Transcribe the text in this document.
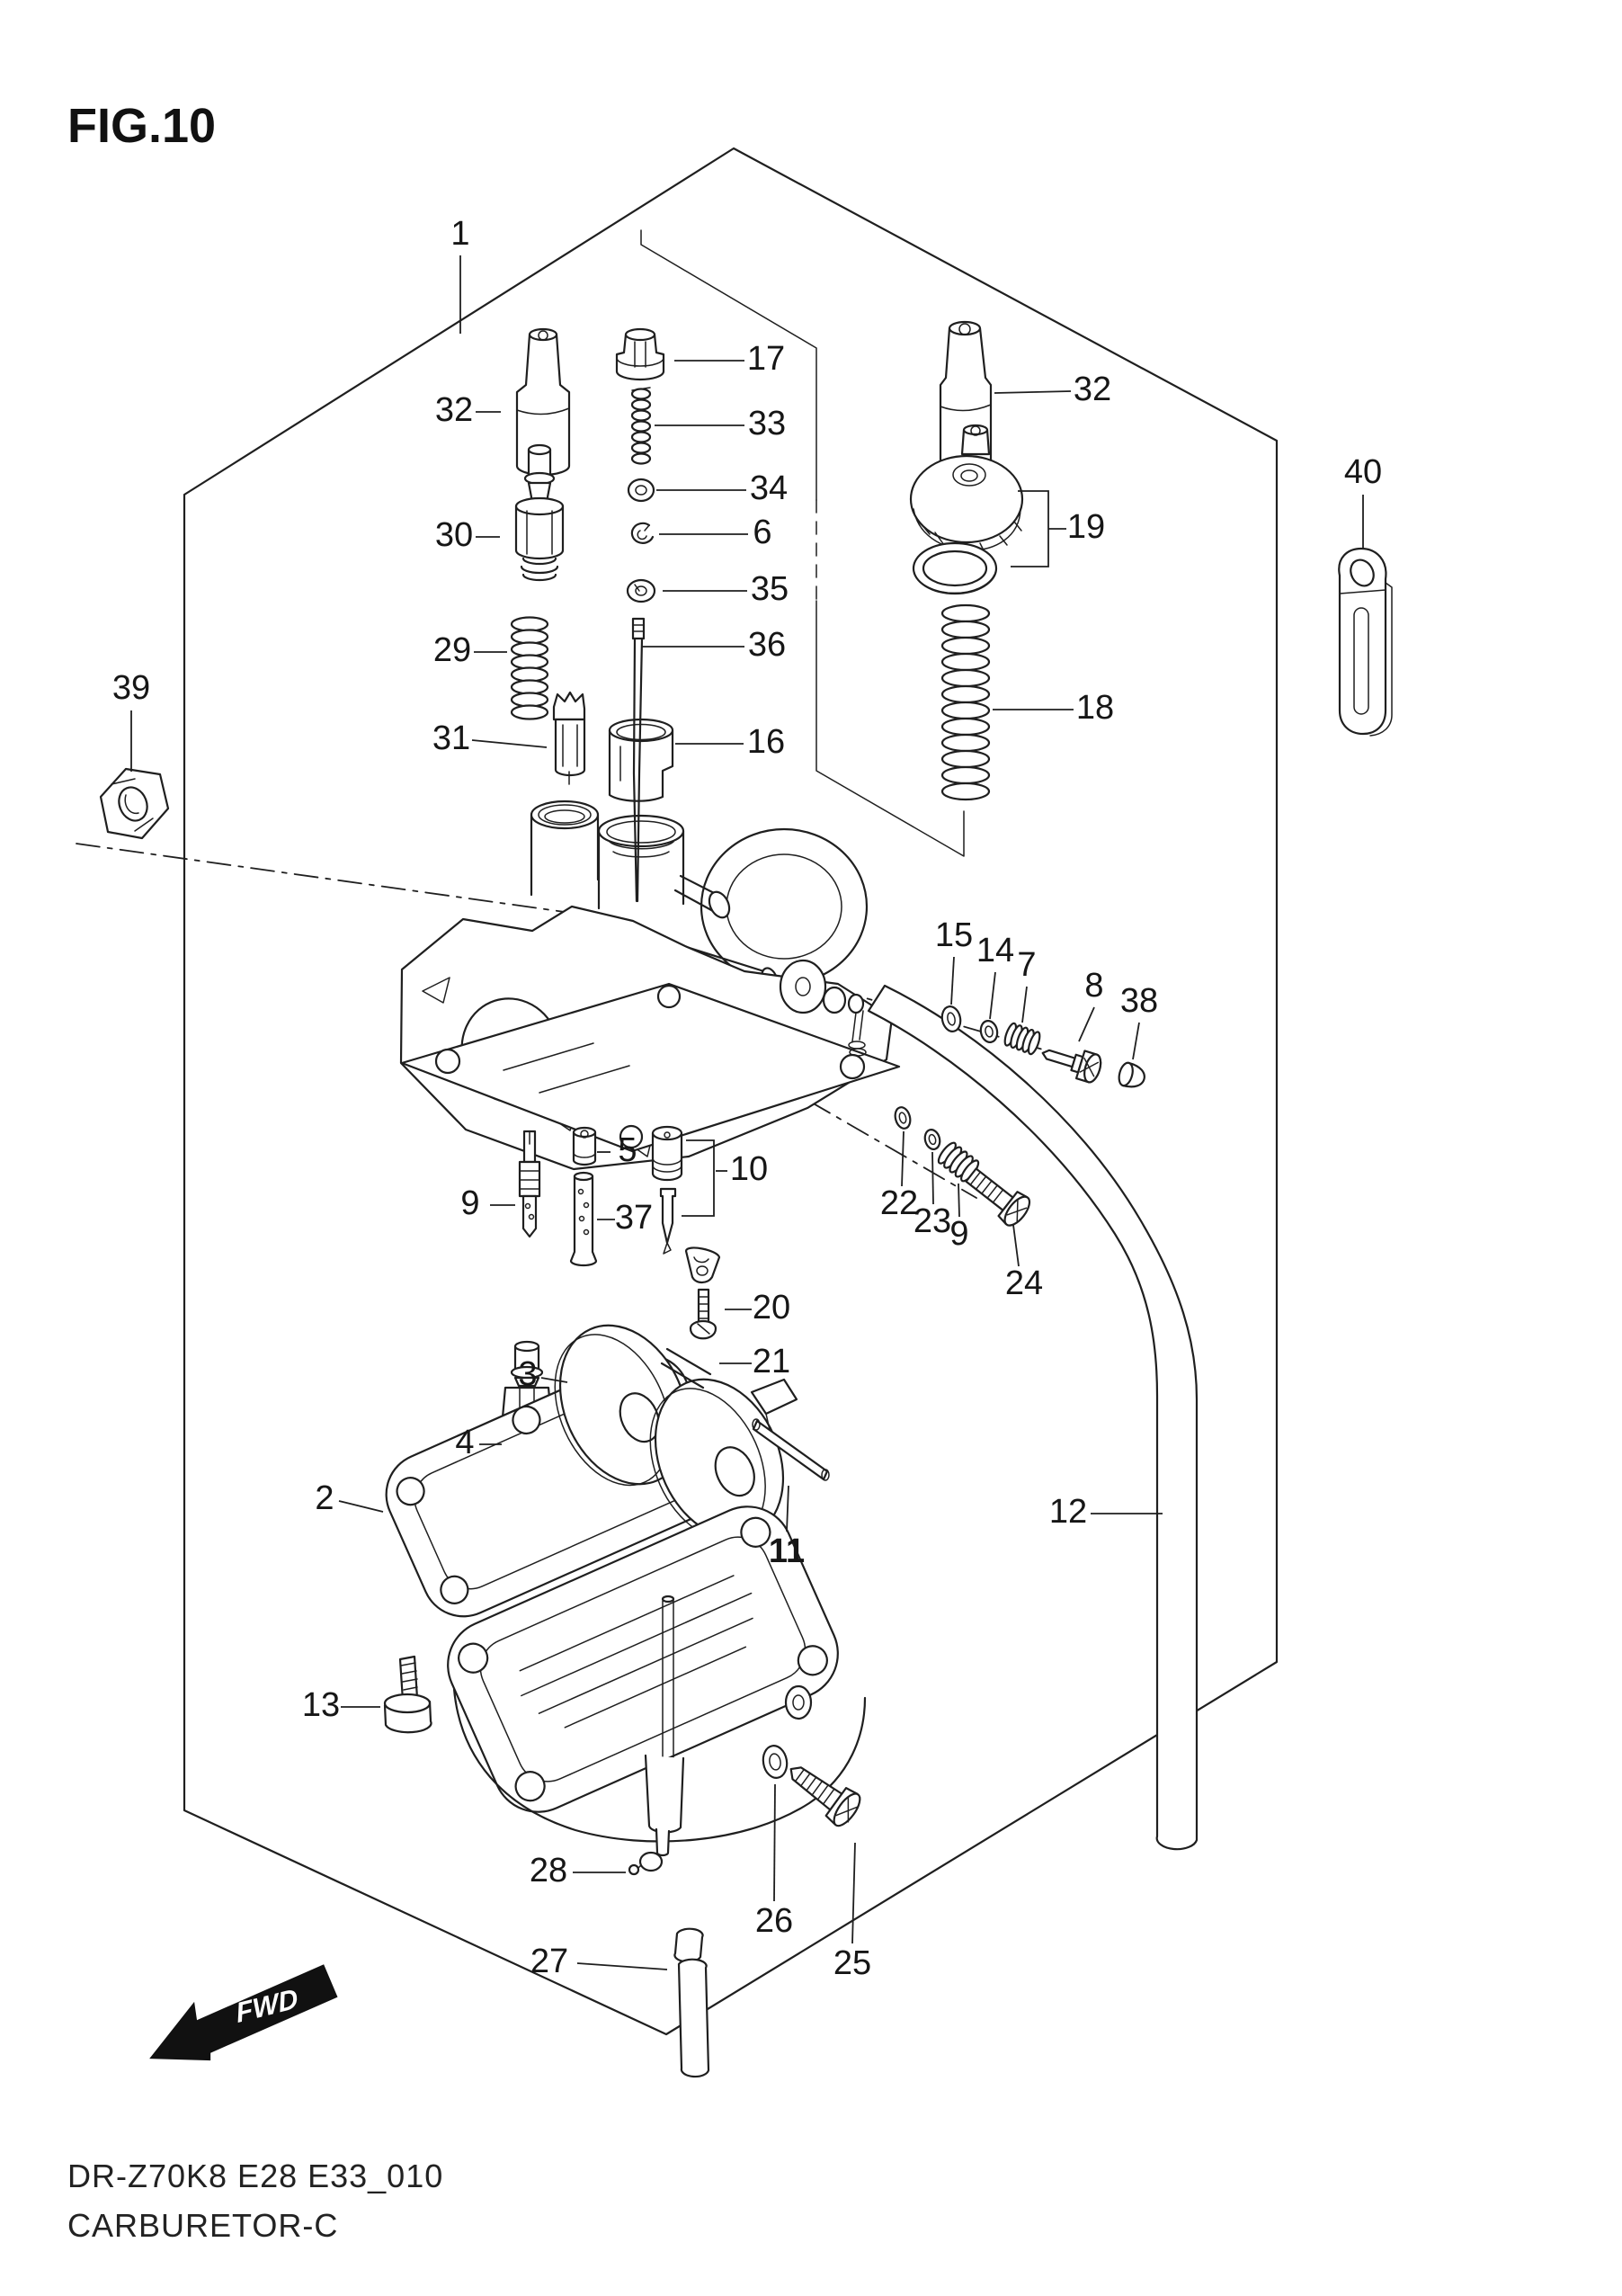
FWD
FIG.10
DR-Z70K8 E28 E33_010
CARBURETOR-C
1
17
33
34
6
35
36
16
32
30
29
31
32
19
18
40
39
15 14 7
8 38
22
23
9
24
9
5
37
10
20
21
4
3
11
2	12
13
26
25
28
27
